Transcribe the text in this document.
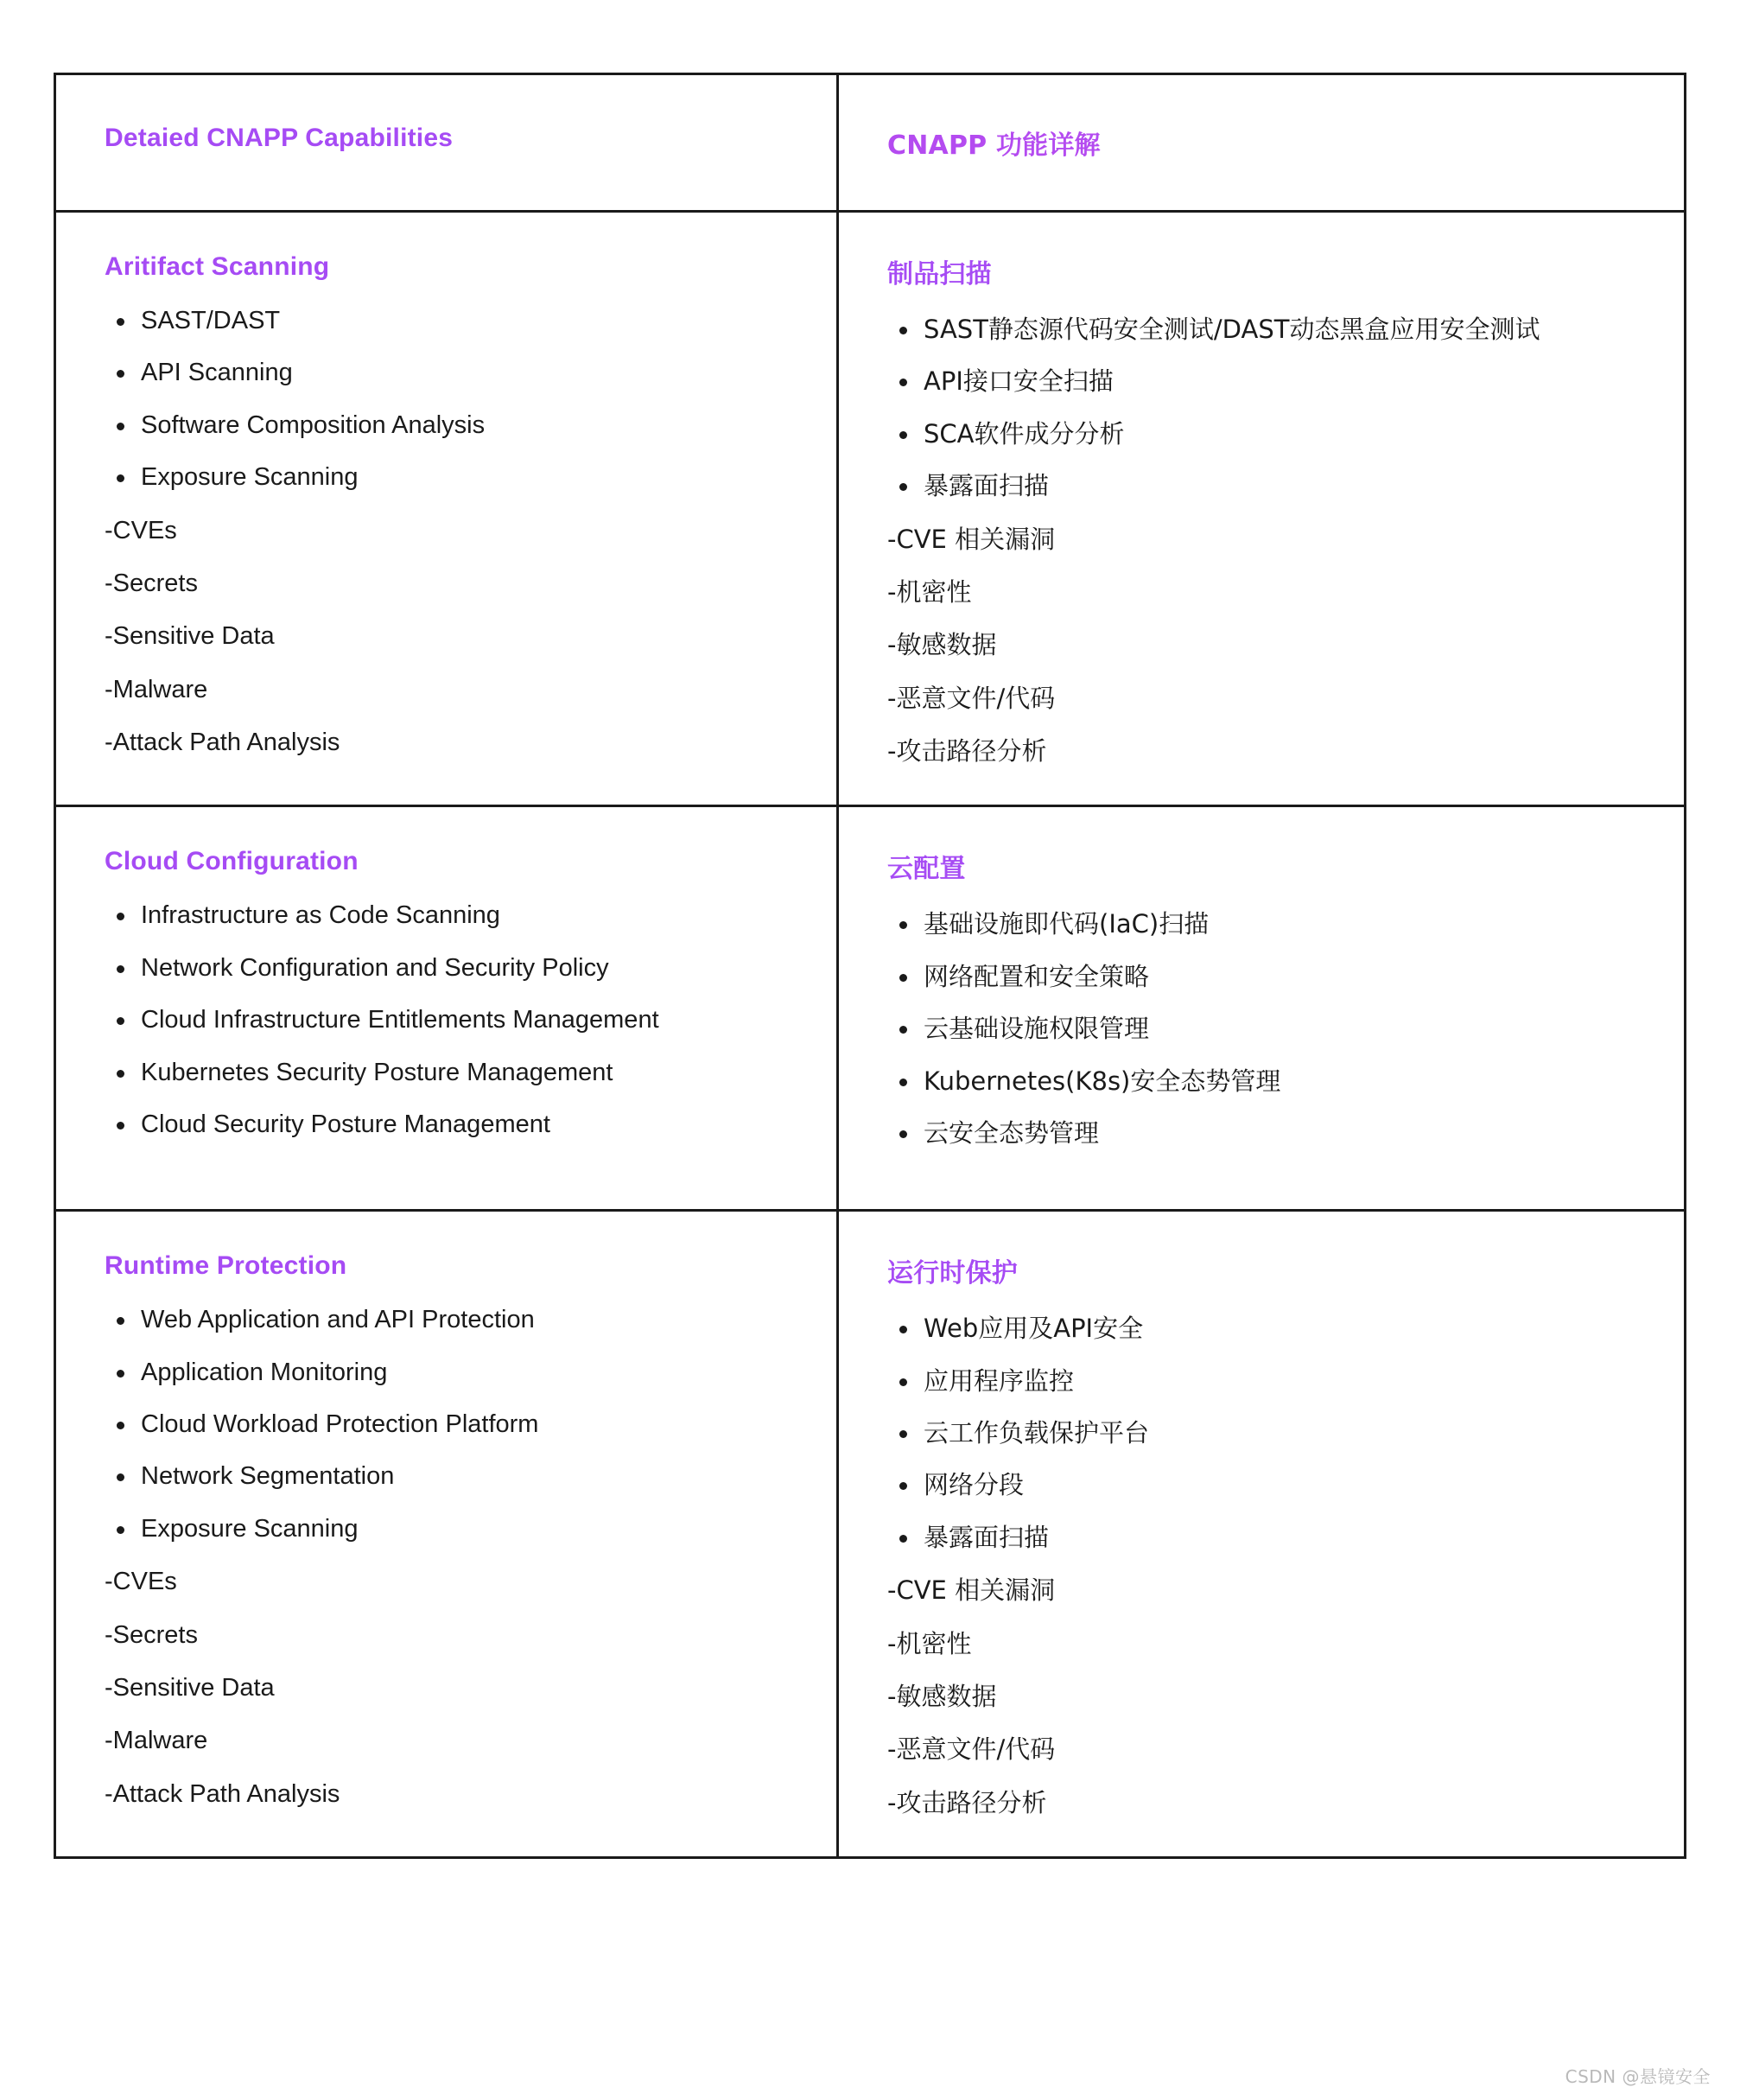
Detaied CNAPP Capabilities	CNAPP 功能详解
Aritifact Scanning
SAST/DAST
API Scanning
Software Composition Analysis
Exposure Scanning
-CVEs
-Secrets
-Sensitive Data
-Malware
-Attack Path Analysis
制品扫描
SAST静态源代码安全测试/DAST动态黑盒应用安全测试
API接口安全扫描
SCA软件成分分析
暴露面扫描
-CVE 相关漏洞
-机密性
-敏感数据
-恶意文件/代码
-攻击路径分析
Cloud Configuration
Infrastructure as Code Scanning
Network Configuration and Security Policy
Cloud Infrastructure Entitlements Management
Kubernetes Security Posture Management
Cloud Security Posture Management
云配置
基础设施即代码(IaC)扫描
网络配置和安全策略
云基础设施权限管理
Kubernetes(K8s)安全态势管理
云安全态势管理
Runtime Protection
Web Application and API Protection
Application Monitoring
Cloud Workload Protection Platform
Network Segmentation
Exposure Scanning
-CVEs
-Secrets
-Sensitive Data
-Malware
-Attack Path Analysis
运行时保护
Web应用及API安全
应用程序监控
云工作负载保护平台
网络分段
暴露面扫描
-CVE 相关漏洞
-机密性
-敏感数据
-恶意文件/代码
-攻击路径分析
CSDN @悬镜安全
